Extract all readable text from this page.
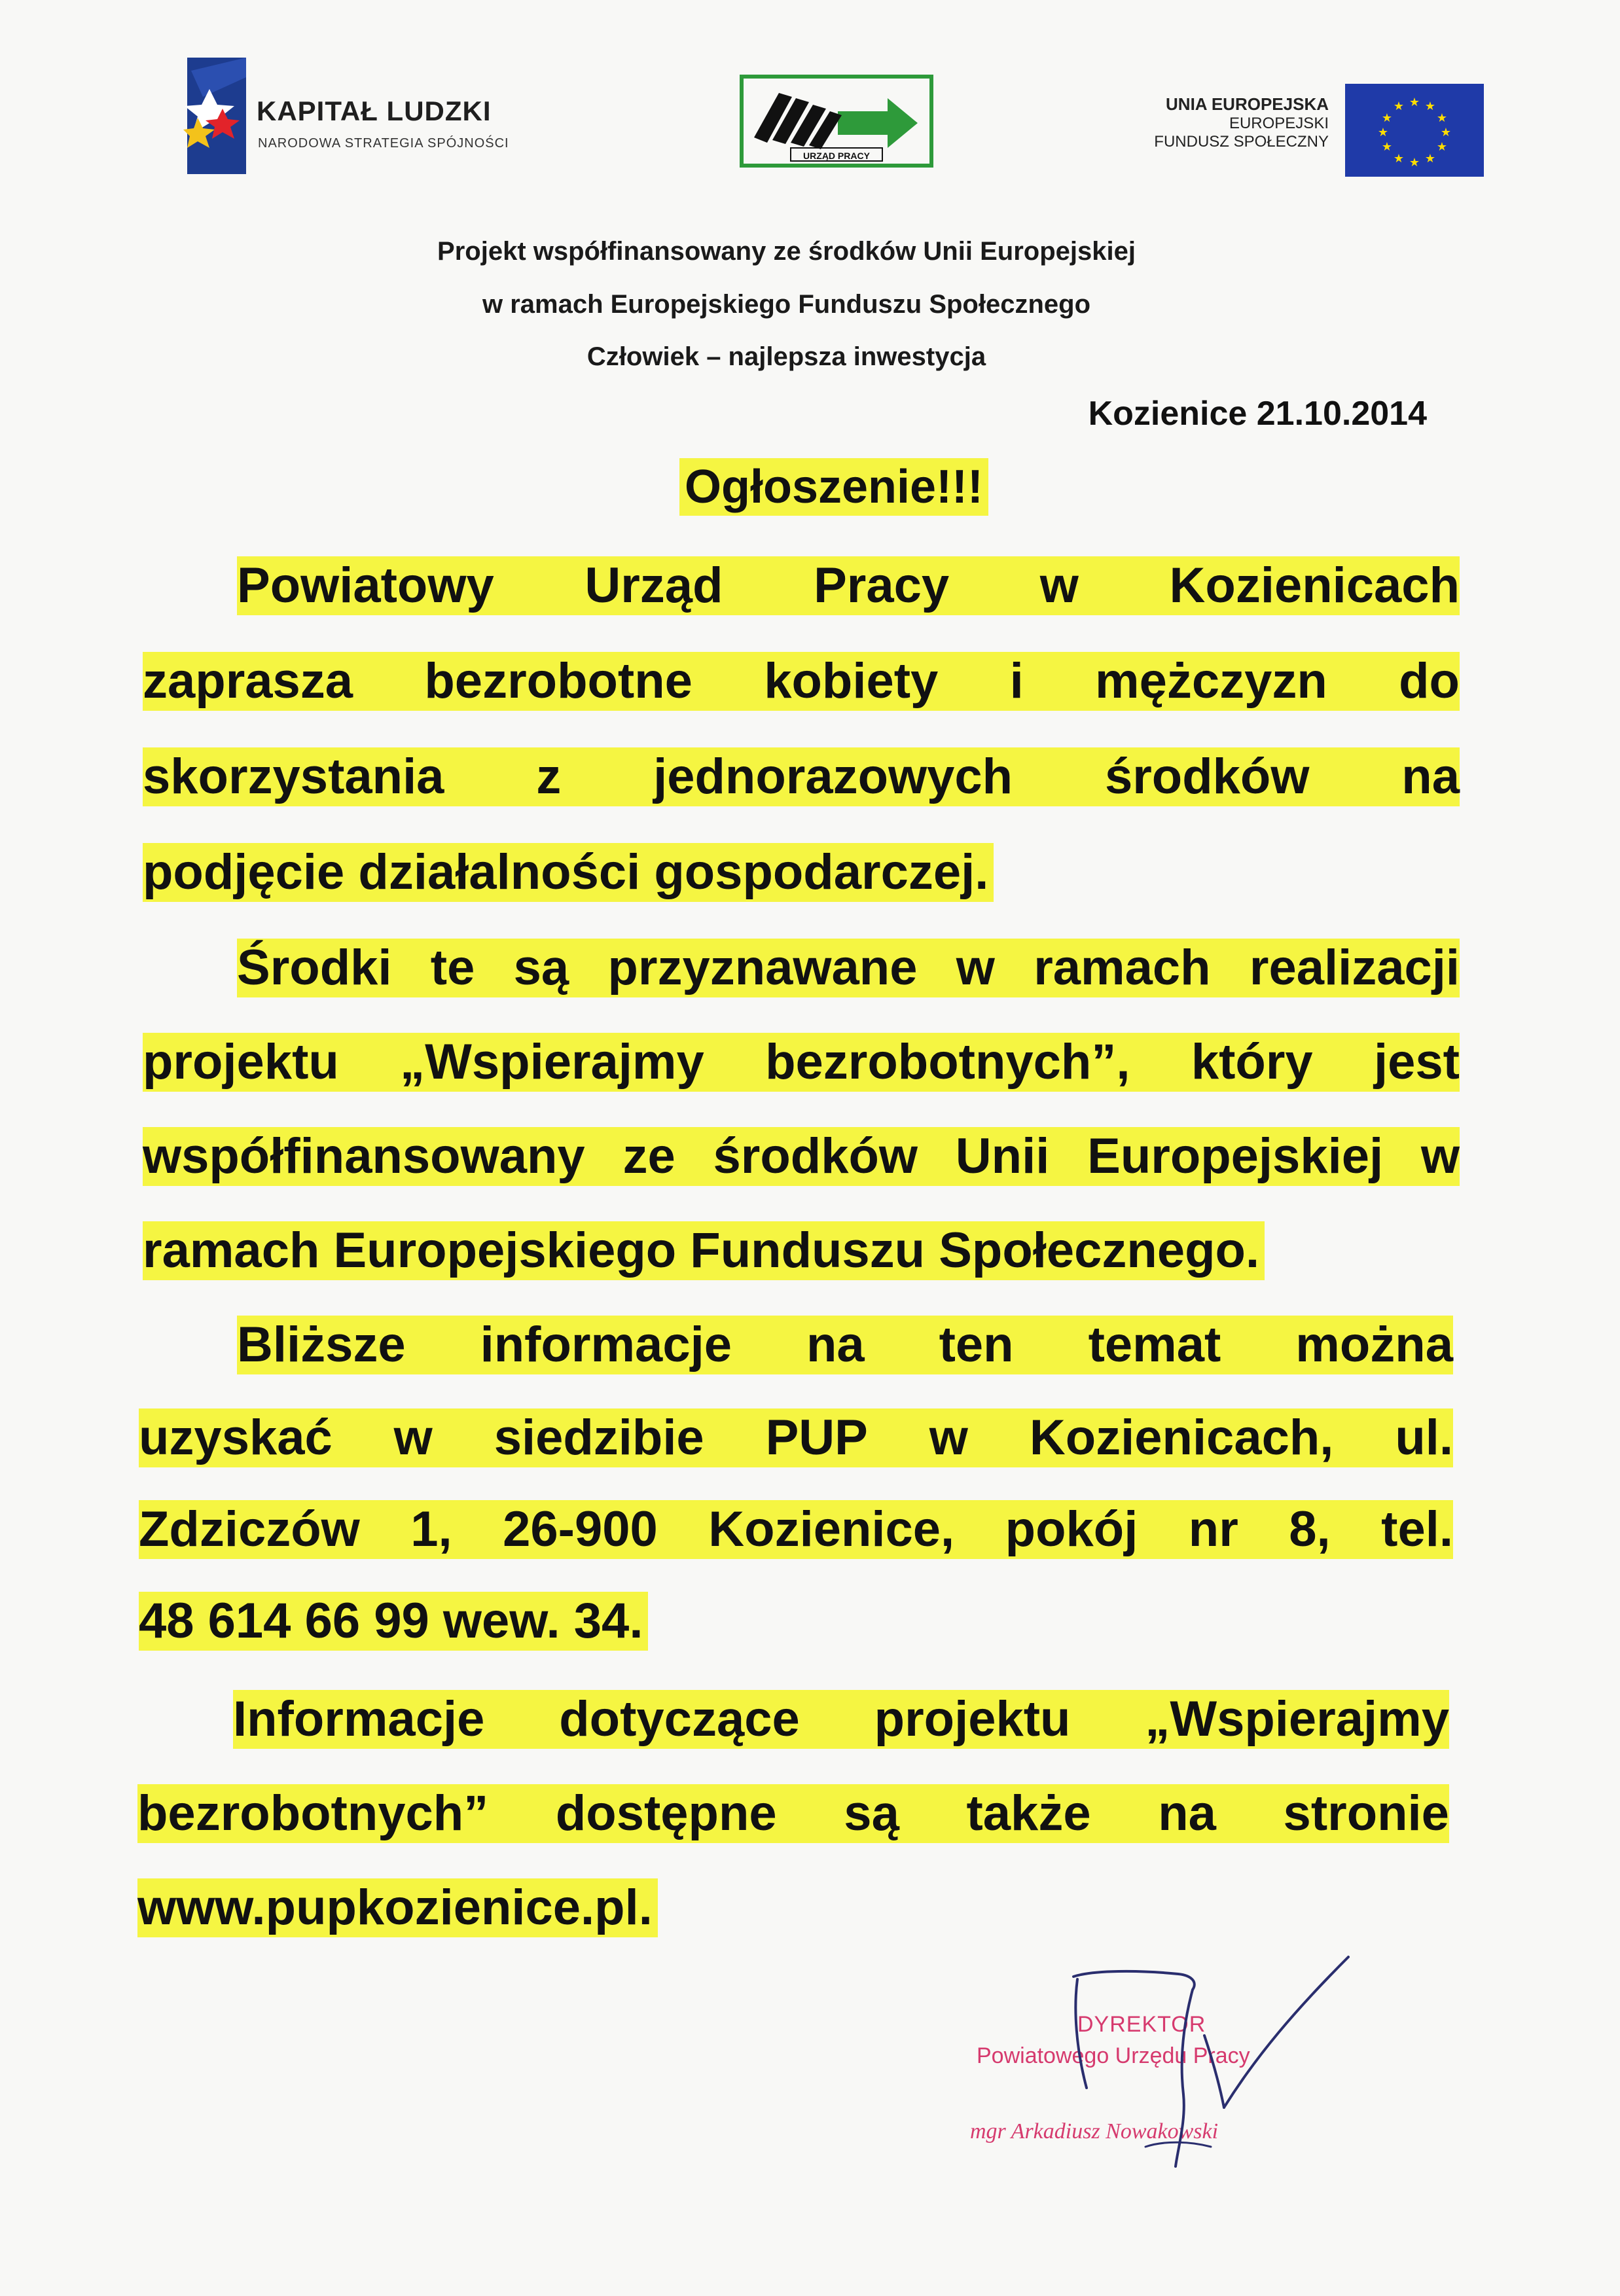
KAPITAŁ LUDZKI
NARODOWA STRATEGIA SPÓJNOŚCI
URZĄD PRACY
UNIA EUROPEJSKA
EUROPEJSKI
FUNDUSZ SPOŁECZNY
★ ★
★
★
★
★
★
★
★
★
★
★
Projekt współfinansowany ze środków Unii Europejskiej
w ramach Europejskiego Funduszu Społecznego
Człowiek – najlepsza inwestycja
Kozienice 21.10.2014
Ogłoszenie!!!
Powiatowy Urząd Pracy w Kozienicach
zaprasza bezrobotne kobiety i mężczyzn do
skorzystania z jednorazowych środków na
podjęcie działalności gospodarczej.
Środki te są przyznawane w ramach realizacji
projektu „Wspierajmy bezrobotnych”, który jest
współfinansowany ze środków Unii Europejskiej w
ramach Europejskiego Funduszu Społecznego.
Bliższe informacje na ten temat można
uzyskać w siedzibie PUP w Kozienicach, ul.
Zdziczów 1, 26-900 Kozienice, pokój nr 8, tel.
48 614 66 99 wew. 34.
Informacje dotyczące projektu „Wspierajmy
bezrobotnych” dostępne są także na stronie
www.pupkozienice.pl.
DYREKTOR
Powiatowego Urzędu Pracy
mgr Arkadiusz Nowakowski
